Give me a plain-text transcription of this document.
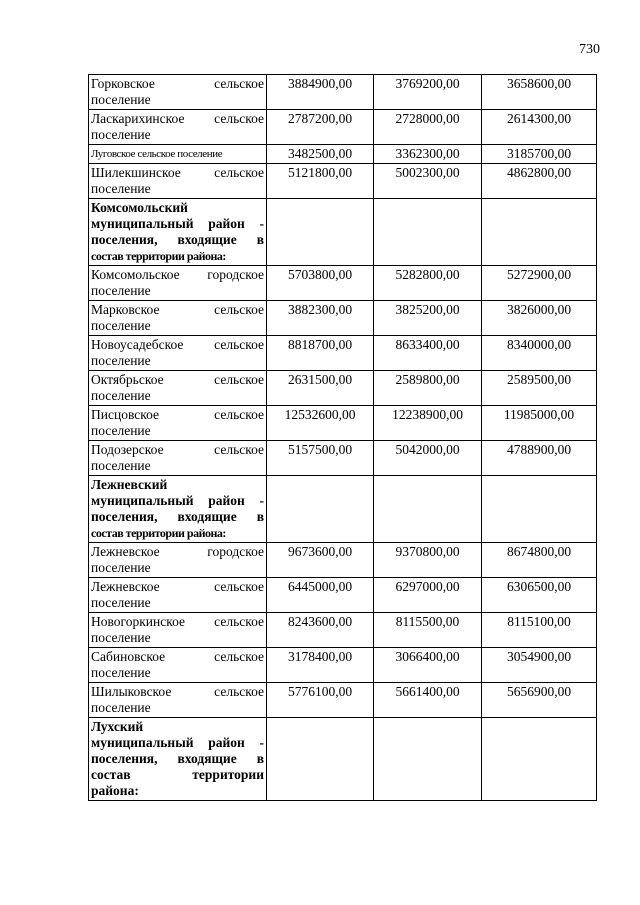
730
Горковское сельское
поселение	3884900,00	3769200,00	3658600,00

Ласкарихинское сельское
поселение	2787200,00	2728000,00	2614300,00
Луговское сельское поселение	3482500,00	3362300,00	3185700,00

Шилекшинское сельское
поселение	5121800,00	5002300,00	4862800,00

Комсомольский
муниципальный район -
поселения, входящие в
состав территории района:			

Комсомольское городское
поселение	5703800,00	5282800,00	5272900,00

Марковское сельское
поселение	3882300,00	3825200,00	3826000,00

Новоусадебское сельское
поселение	8818700,00	8633400,00	8340000,00

Октябрьское сельское
поселение	2631500,00	2589800,00	2589500,00

Писцовское сельское
поселение	12532600,00	12238900,00	11985000,00

Подозерское сельское
поселение	5157500,00	5042000,00	4788900,00

Лежневский
муниципальный район -
поселения, входящие в
состав территории района:			

Лежневское городское
поселение	9673600,00	9370800,00	8674800,00

Лежневское сельское
поселение	6445000,00	6297000,00	6306500,00

Новогоркинское сельское
поселение	8243600,00	8115500,00	8115100,00

Сабиновское сельское
поселение	3178400,00	3066400,00	3054900,00

Шилыковское сельское
поселение	5776100,00	5661400,00	5656900,00

Лухский
муниципальный район -
поселения, входящие в
состав территории
района:			
